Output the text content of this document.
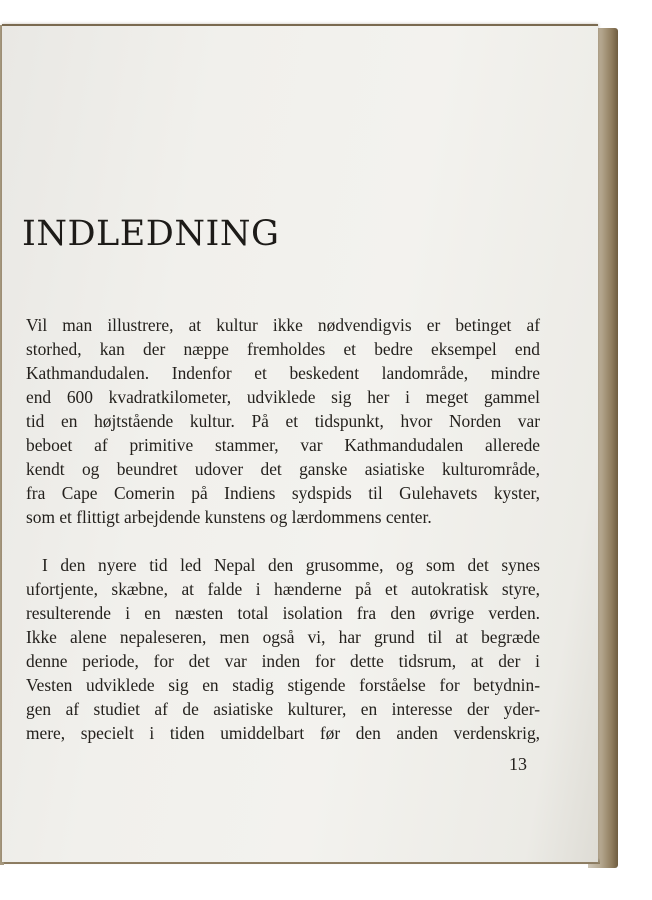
INDLEDNING

Vil man illustrere, at kultur ikke nødvendigvis er betinget af
storhed, kan der næppe fremholdes et bedre eksempel end
Kathmandudalen. Indenfor et beskedent landområde, mindre
end 600 kvadratkilometer, udviklede sig her i meget gammel
tid en højtstående kultur. På et tidspunkt, hvor Norden var
beboet af primitive stammer, var Kathmandudalen allerede
kendt og beundret udover det ganske asiatiske kulturområde,
fra Cape Comerin på Indiens sydspids til Gulehavets kyster,
som et flittigt arbejdende kunstens og lærdommens center.

I den nyere tid led Nepal den grusomme, og som det synes
ufortjente, skæbne, at falde i hænderne på et autokratisk styre,
resulterende i en næsten total isolation fra den øvrige verden.
Ikke alene nepaleseren, men også vi, har grund til at begræde
denne periode, for det var inden for dette tidsrum, at der i
Vesten udviklede sig en stadig stigende forståelse for betydnin-
gen af studiet af de asiatiske kulturer, en interesse der yder-
mere, specielt i tiden umiddelbart før den anden verdenskrig,

13
